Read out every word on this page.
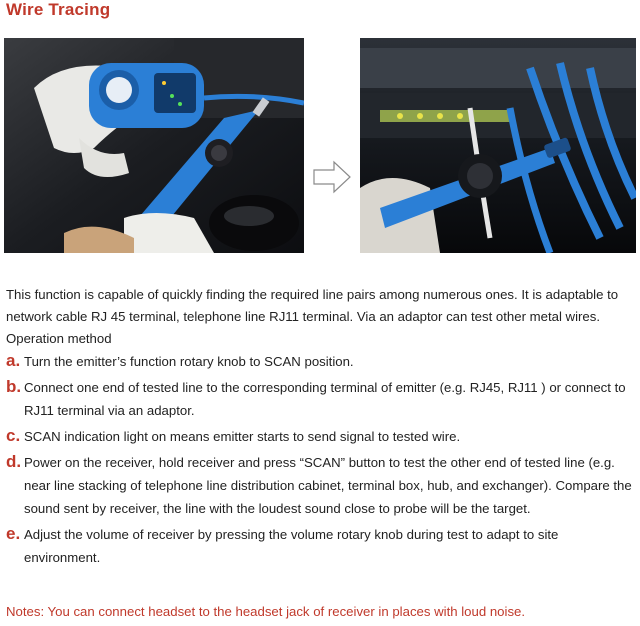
Wire Tracing
This function is capable of quickly finding the required line pairs among numerous ones. It is adaptable to network cable RJ 45 terminal, telephone line RJ11 terminal. Via an adaptor can test other metal wires.
Operation method
a. Turn the emitter’s function rotary knob to SCAN position.
b. Connect one end of tested line to the corresponding terminal of emitter (e.g. RJ45, RJ11 ) or connect to RJ11 terminal via an adaptor.
c. SCAN indication light on means emitter starts to send signal to tested wire.
d. Power on the receiver, hold receiver and press “SCAN” button to test the other end of tested line (e.g. near line stacking of telephone line distribution cabinet, terminal box, hub, and exchanger). Compare the sound sent by receiver, the line with the loudest sound close to probe will be the target.
e. Adjust the volume of receiver by pressing the volume rotary knob during test to adapt to site environment.
Notes: You can connect headset to the headset jack of receiver in places with loud noise.
